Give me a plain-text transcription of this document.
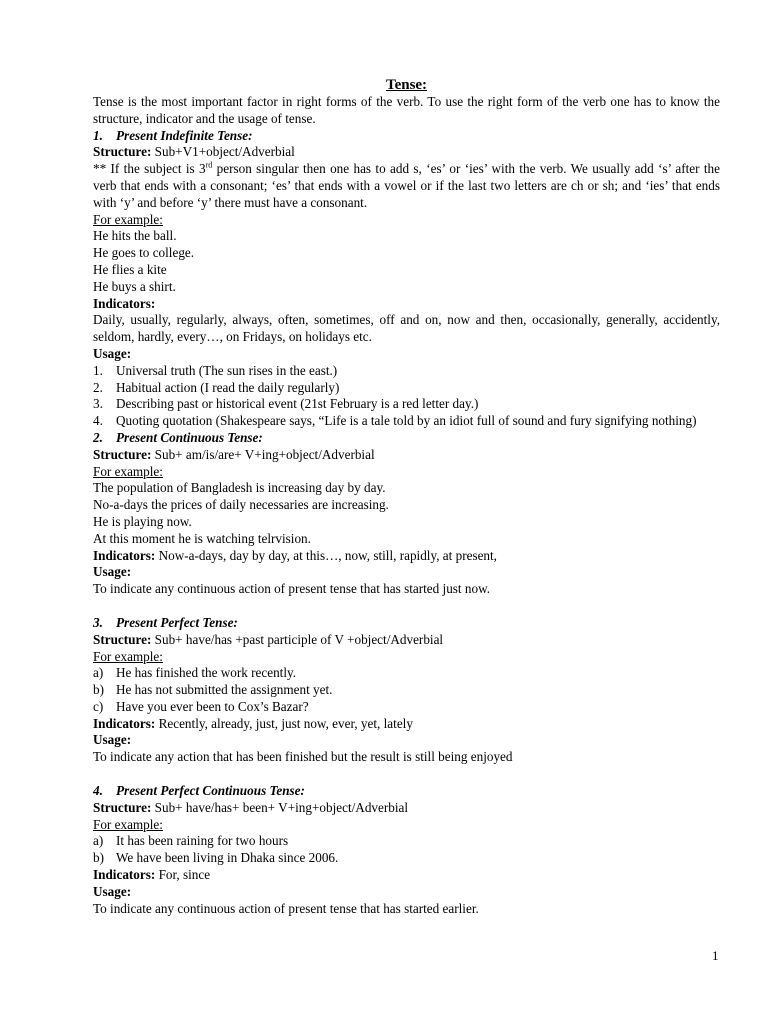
Tense:
Tense is the most important factor in right forms of the verb. To use the right form of the verb one has to know the structure, indicator and the usage of tense.
1. Present Indefinite Tense:
Structure: Sub+V1+object/Adverbial
** If the subject is 3rd person singular then one has to add s, ‘es’ or ‘ies’ with the verb. We usually add ‘s’ after the verb that ends with a consonant; ‘es’ that ends with a vowel or if the last two letters are ch or sh; and ‘ies’ that ends with ‘y’ and before ‘y’ there must have a consonant.
For example:
He hits the ball.
He goes to college.
He flies a kite
He buys a shirt.
Indicators:
Daily, usually, regularly, always, often, sometimes, off and on, now and then, occasionally, generally, accidently, seldom, hardly, every…, on Fridays, on holidays etc.
Usage:
1. Universal truth (The sun rises in the east.)
2. Habitual action (I read the daily regularly)
3. Describing past or historical event (21st February is a red letter day.)
4. Quoting quotation (Shakespeare says, “Life is a tale told by an idiot full of sound and fury signifying nothing)
2. Present Continuous Tense:
Structure: Sub+ am/is/are+ V+ing+object/Adverbial
For example:
The population of Bangladesh is increasing day by day.
No-a-days the prices of daily necessaries are increasing.
He is playing now.
At this moment he is watching telrvision.
Indicators: Now-a-days, day by day, at this…, now, still, rapidly, at present,
Usage:
To indicate any continuous action of present tense that has started just now.
3. Present Perfect Tense:
Structure: Sub+ have/has +past participle of V +object/Adverbial
For example:
a) He has finished the work recently.
b) He has not submitted the assignment yet.
c) Have you ever been to Cox’s Bazar?
Indicators: Recently, already, just, just now, ever, yet, lately
Usage:
To indicate any action that has been finished but the result is still being enjoyed
4. Present Perfect Continuous Tense:
Structure: Sub+ have/has+ been+ V+ing+object/Adverbial
For example:
a) It has been raining for two hours
b) We have been living in Dhaka since 2006.
Indicators: For, since
Usage:
To indicate any continuous action of present tense that has started earlier.
1
